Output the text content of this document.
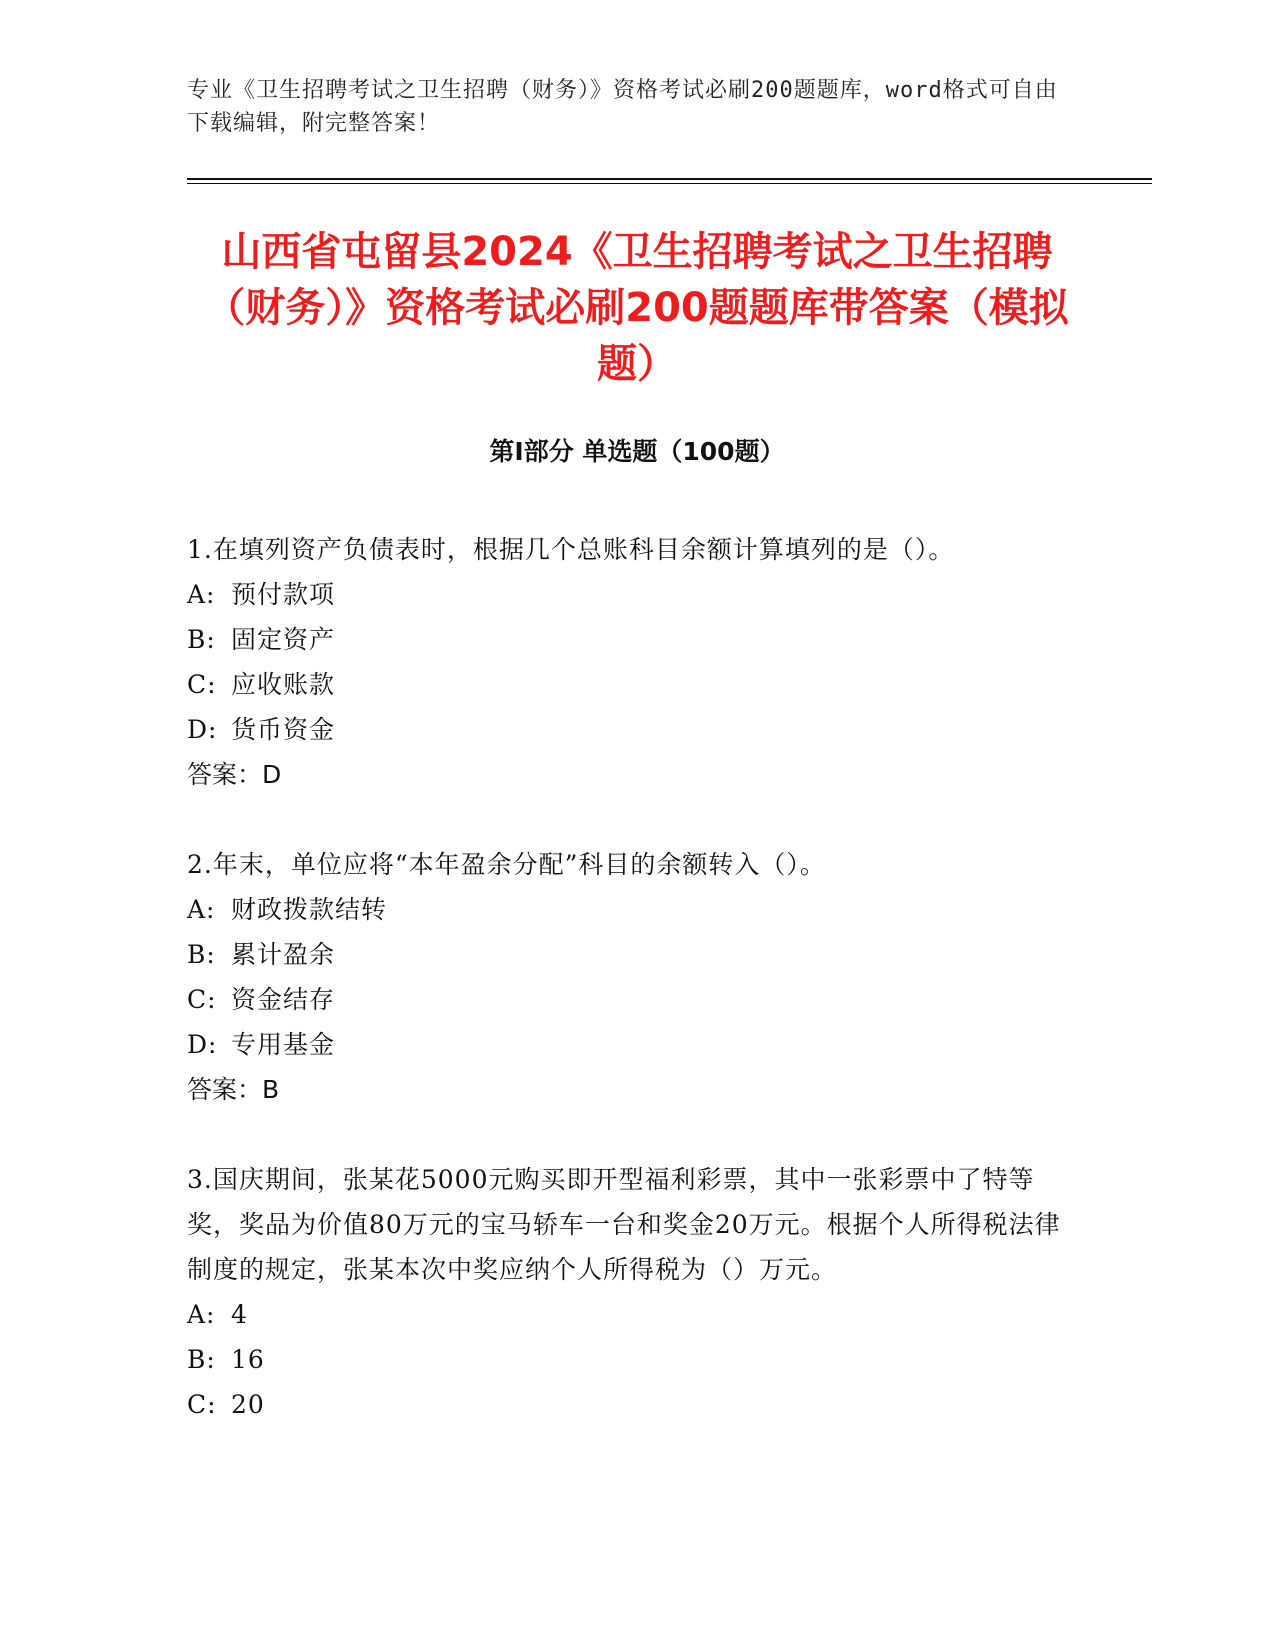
专业《卫生招聘考试之卫生招聘（财务）》资格考试必刷200题题库，word格式可自由下载编辑，附完整答案！
山西省屯留县2024《卫生招聘考试之卫生招聘（财务）》资格考试必刷200题题库带答案（模拟题）
第I部分 单选题（100题）
1.在填列资产负债表时，根据几个总账科目余额计算填列的是（）。
A: 预付款项
B: 固定资产
C: 应收账款
D: 货币资金
答案：D
2.年末，单位应将“本年盈余分配”科目的余额转入（）。
A: 财政拨款结转
B: 累计盈余
C: 资金结存
D: 专用基金
答案：B
3.国庆期间，张某花5000元购买即开型福利彩票，其中一张彩票中了特等奖，奖品为价值80万元的宝马轿车一台和奖金20万元。根据个人所得税法律制度的规定，张某本次中奖应纳个人所得税为（）万元。
A: 4
B: 16
C: 20
